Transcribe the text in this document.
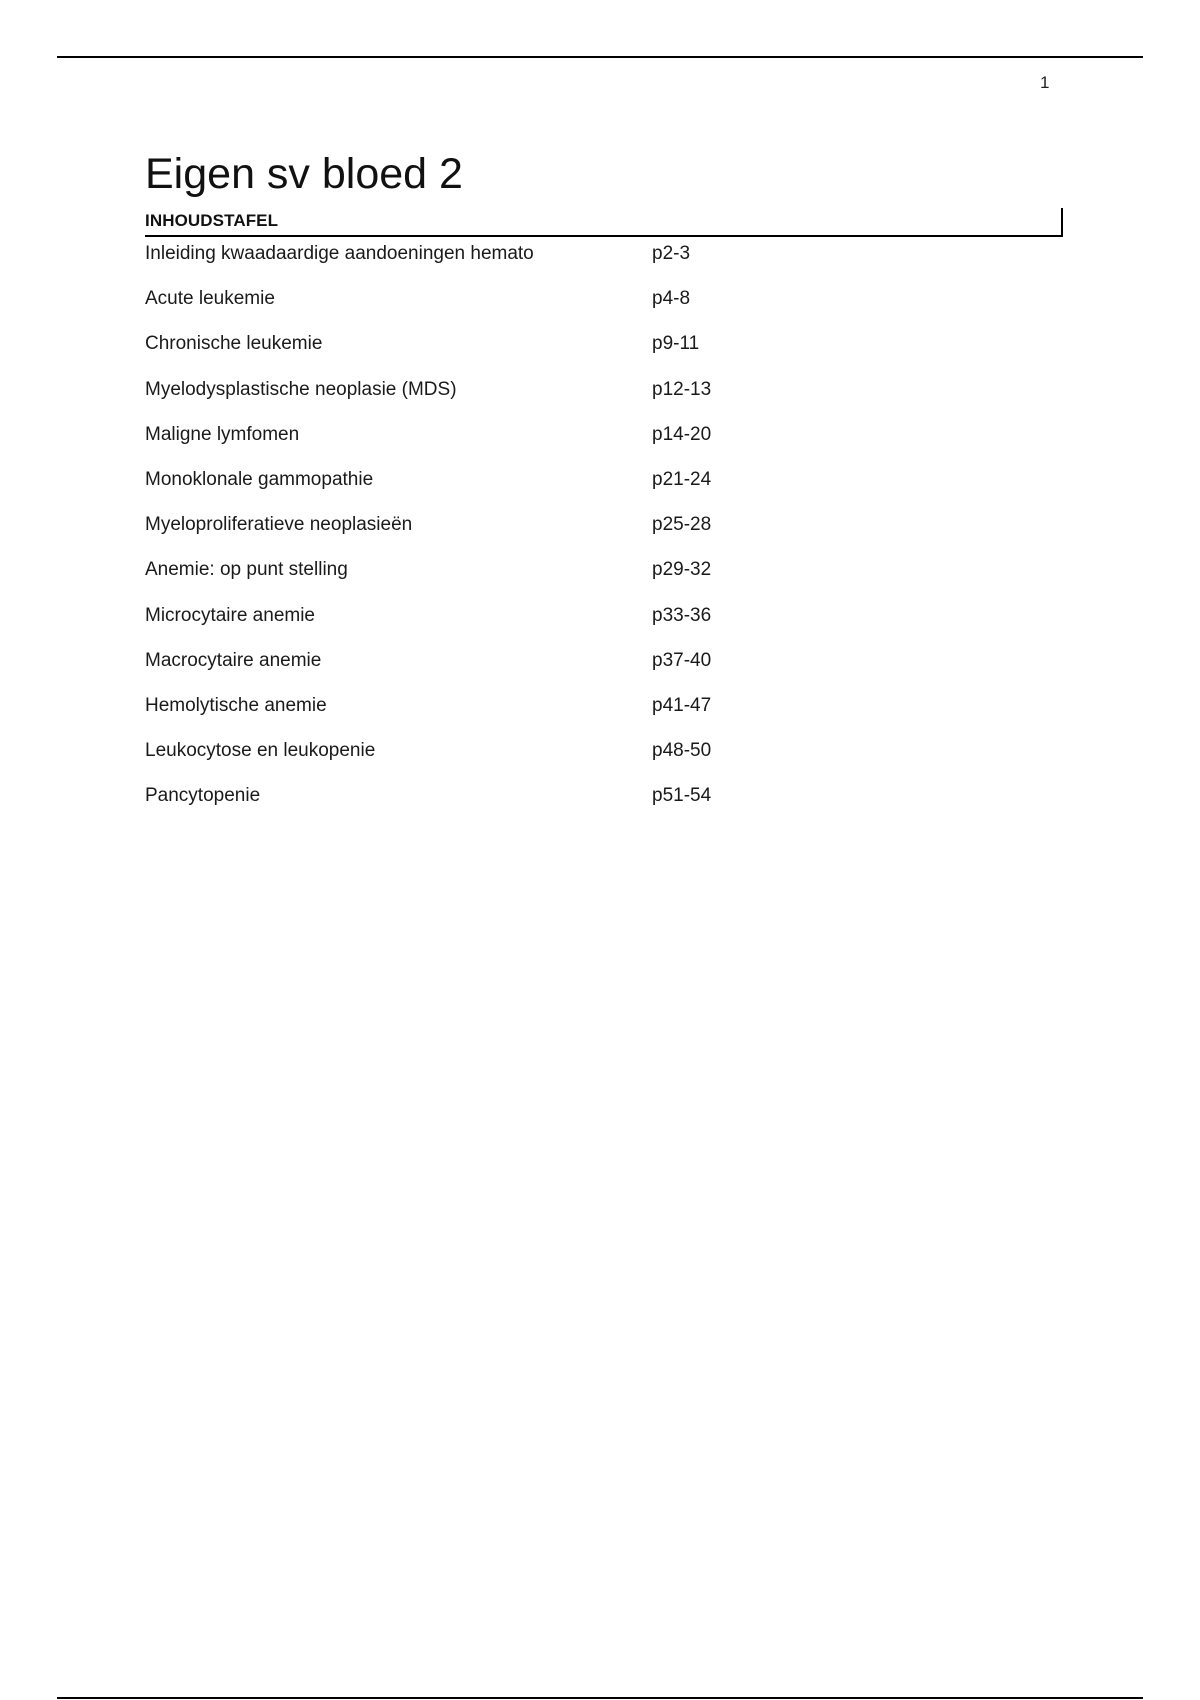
1
Eigen sv bloed 2
INHOUDSTAFEL
Inleiding kwaadaardige aandoeningen hemato	p2-3
Acute leukemie	p4-8
Chronische leukemie	p9-11
Myelodysplastische neoplasie (MDS)	p12-13
Maligne lymfomen	p14-20
Monoklonale gammopathie	p21-24
Myeloproliferatieve neoplasieën	p25-28
Anemie: op punt stelling	p29-32
Microcytaire anemie	p33-36
Macrocytaire anemie	p37-40
Hemolytische anemie	p41-47
Leukocytose en leukopenie	p48-50
Pancytopenie	p51-54
